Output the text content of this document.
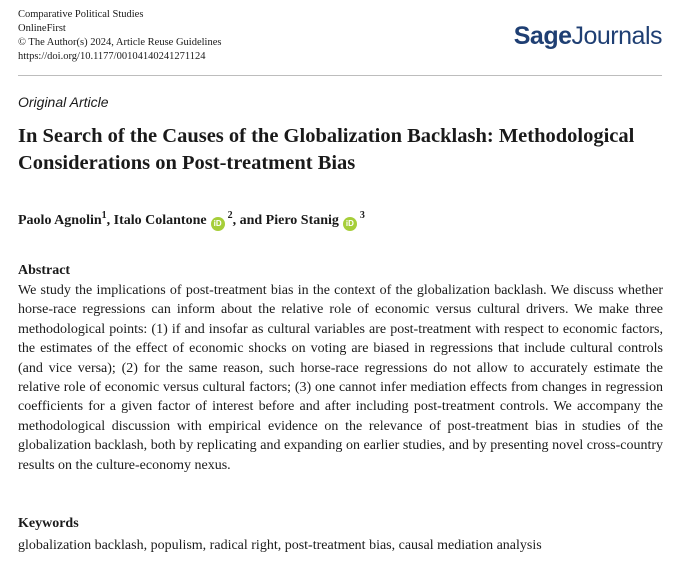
Comparative Political Studies
OnlineFirst
© The Author(s) 2024, Article Reuse Guidelines
https://doi.org/10.1177/00104140241271124
SageJournals
Original Article
In Search of the Causes of the Globalization Backlash: Methodological Considerations on Post-treatment Bias
Paolo Agnolin$^1$, Italo Colantone $iD^2$, and Piero Stanig $iD^3$
Abstract
We study the implications of post-treatment bias in the context of the globalization backlash. We discuss whether horse-race regressions can inform about the relative role of economic versus cultural drivers. We make three methodological points: (1) if and insofar as cultural variables are post-treatment with respect to economic factors, the estimates of the effect of economic shocks on voting are biased in regressions that include cultural controls (and vice versa); (2) for the same reason, such horse-race regressions do not allow to accurately estimate the relative role of economic versus cultural factors; (3) one cannot infer mediation effects from changes in regression coefficients for a given factor of interest before and after including post-treatment controls. We accompany the methodological discussion with empirical evidence on the relevance of post-treatment bias in studies of the globalization backlash, both by replicating and expanding on earlier studies, and by presenting novel cross-country results on the culture-economy nexus.
Keywords
globalization backlash, populism, radical right, post-treatment bias, causal mediation analysis
